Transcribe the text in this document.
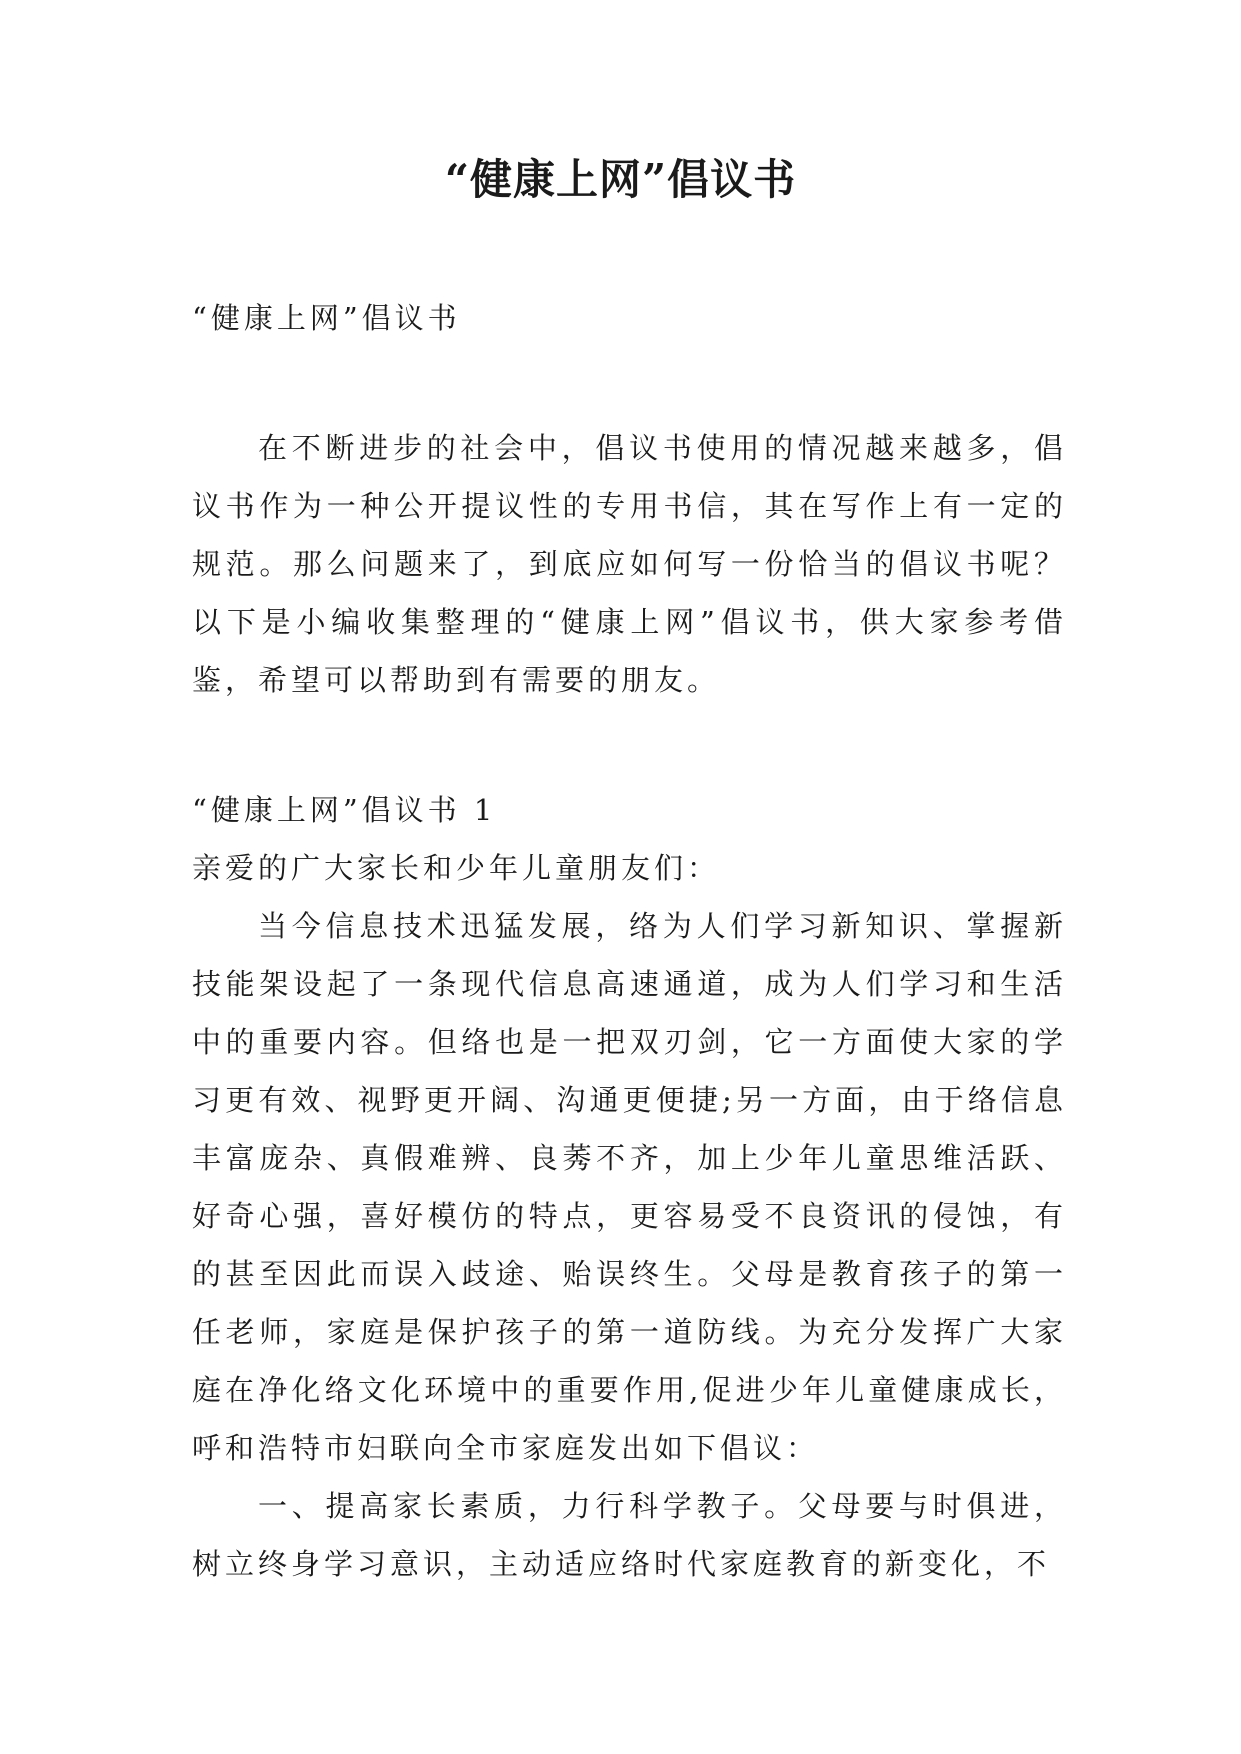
“健康上网”倡议书

“健康上网”倡议书

在不断进步的社会中，倡议书使用的情况越来越多，倡议书作为一种公开提议性的专用书信，其在写作上有一定的规范。那么问题来了，到底应如何写一份恰当的倡议书呢？以下是小编收集整理的“健康上网”倡议书，供大家参考借鉴，希望可以帮助到有需要的朋友。

“健康上网”倡议书 1

亲爱的广大家长和少年儿童朋友们：

当今信息技术迅猛发展，络为人们学习新知识、掌握新技能架设起了一条现代信息高速通道，成为人们学习和生活中的重要内容。但络也是一把双刃剑，它一方面使大家的学习更有效、视野更开阔、沟通更便捷;另一方面，由于络信息丰富庞杂、真假难辨、良莠不齐，加上少年儿童思维活跃、好奇心强，喜好模仿的特点，更容易受不良资讯的侵蚀，有的甚至因此而误入歧途、贻误终生。父母是教育孩子的第一任老师，家庭是保护孩子的第一道防线。为充分发挥广大家庭在净化络文化环境中的重要作用,促进少年儿童健康成长，呼和浩特市妇联向全市家庭发出如下倡议：

一、提高家长素质，力行科学教子。父母要与时俱进，树立终身学习意识，主动适应络时代家庭教育的新变化，不
